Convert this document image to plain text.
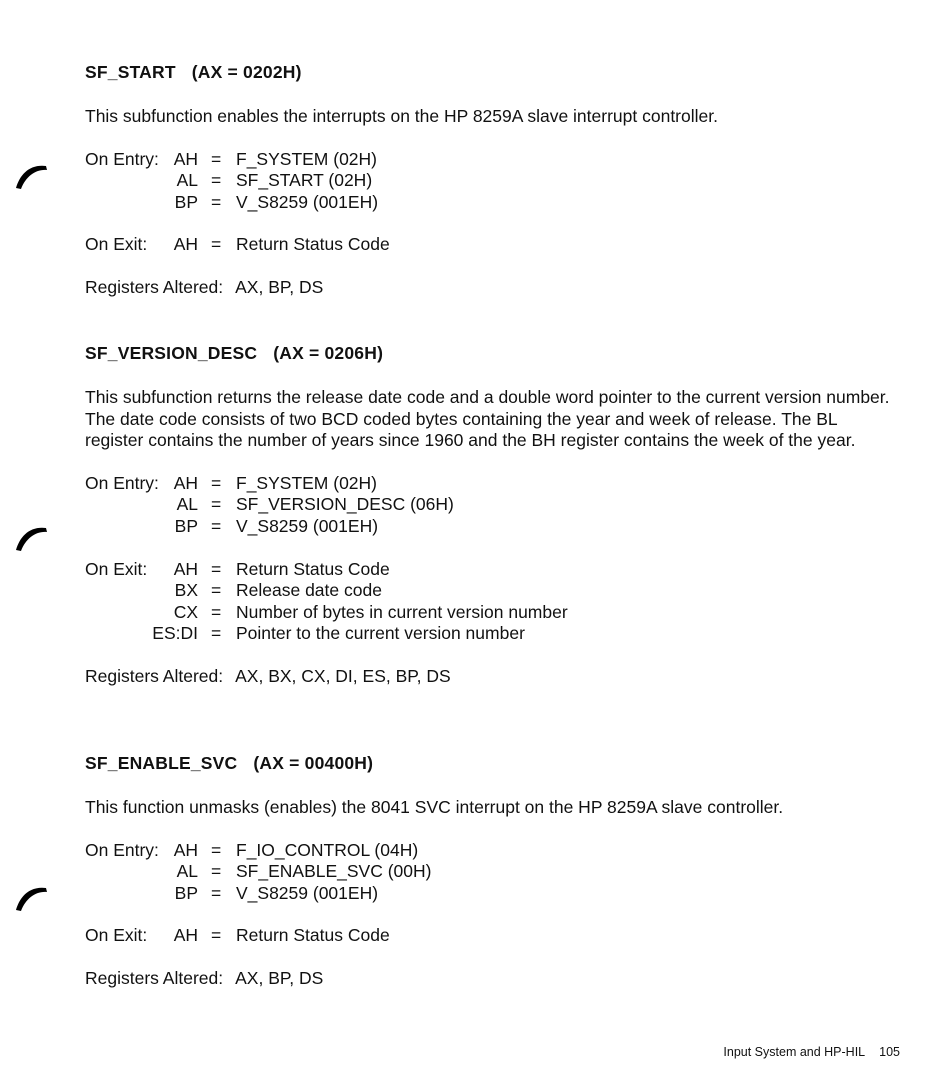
SF_START (AX = 0202H)
This subfunction enables the interrupts on the HP 8259A slave interrupt controller.
On Entry: AH = F_SYSTEM (02H)
AL = SF_START (02H)
BP = V_S8259 (001EH)
On Exit: AH = Return Status Code
Registers Altered: AX, BP, DS
SF_VERSION_DESC (AX = 0206H)
This subfunction returns the release date code and a double word pointer to the current version number. The date code consists of two BCD coded bytes containing the year and week of release. The BL register contains the number of years since 1960 and the BH register contains the week of the year.
On Entry: AH = F_SYSTEM (02H)
AL = SF_VERSION_DESC (06H)
BP = V_S8259 (001EH)
On Exit: AH = Return Status Code
BX = Release date code
CX = Number of bytes in current version number
ES:DI = Pointer to the current version number
Registers Altered: AX, BX, CX, DI, ES, BP, DS
SF_ENABLE_SVC (AX = 00400H)
This function unmasks (enables) the 8041 SVC interrupt on the HP 8259A slave controller.
On Entry: AH = F_IO_CONTROL (04H)
AL = SF_ENABLE_SVC (00H)
BP = V_S8259 (001EH)
On Exit: AH = Return Status Code
Registers Altered: AX, BP, DS
Input System and HP-HIL 105
